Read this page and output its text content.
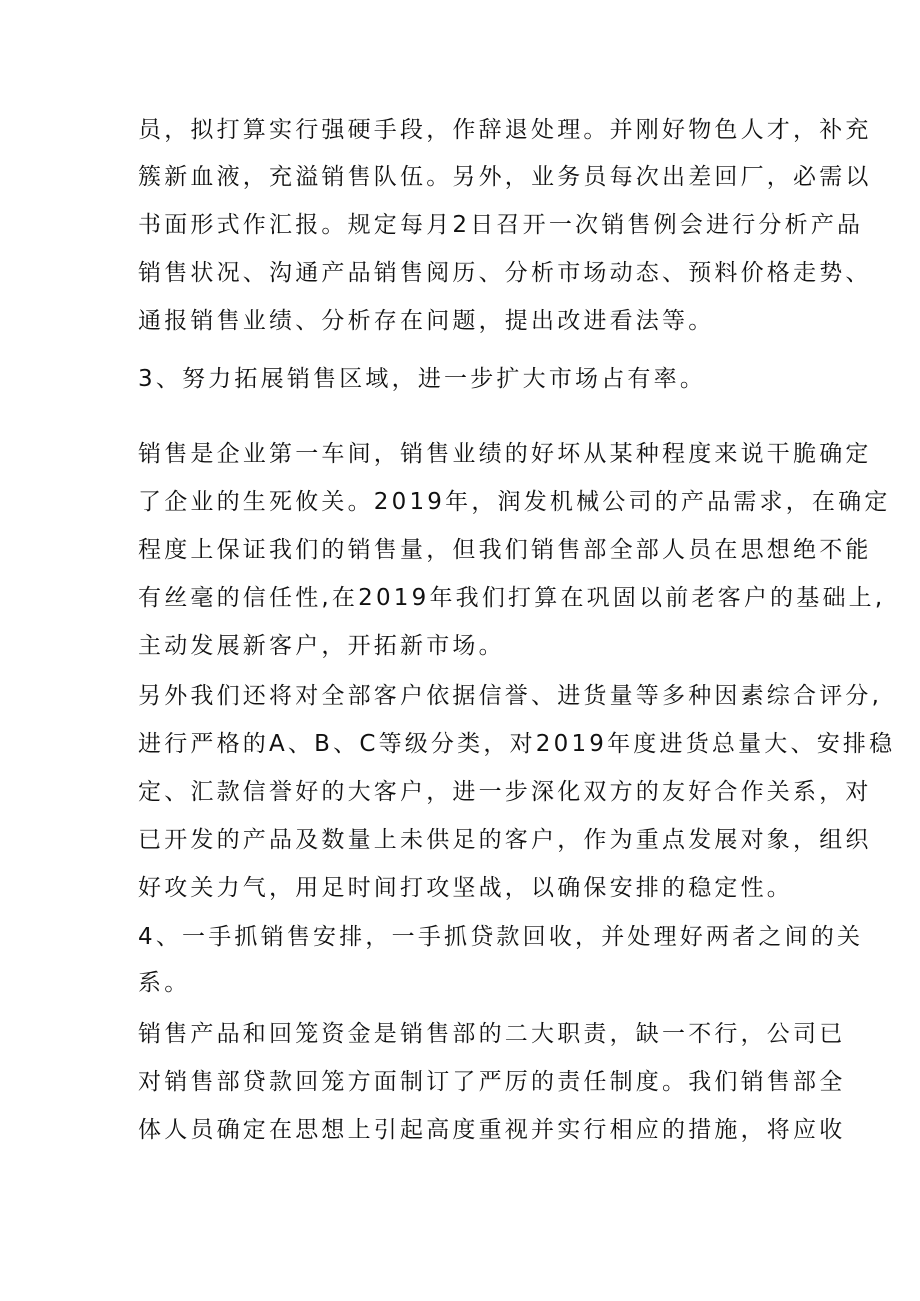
员，拟打算实行强硬手段，作辞退处理。并刚好物色人才，补充
簇新血液，充溢销售队伍。另外，业务员每次出差回厂，必需以
书面形式作汇报。规定每月2日召开一次销售例会进行分析产品
销售状况、沟通产品销售阅历、分析市场动态、预料价格走势、
通报销售业绩、分析存在问题，提出改进看法等。
3、努力拓展销售区域，进一步扩大市场占有率。
销售是企业第一车间，销售业绩的好坏从某种程度来说干脆确定
了企业的生死攸关。2019年，润发机械公司的产品需求，在确定
程度上保证我们的销售量，但我们销售部全部人员在思想绝不能
有丝毫的信任性,在2019年我们打算在巩固以前老客户的基础上,
主动发展新客户，开拓新市场。
另外我们还将对全部客户依据信誉、进货量等多种因素综合评分,
进行严格的A、B、C等级分类，对2019年度进货总量大、安排稳
定、汇款信誉好的大客户，进一步深化双方的友好合作关系，对
已开发的产品及数量上未供足的客户，作为重点发展对象，组织
好攻关力气，用足时间打攻坚战，以确保安排的稳定性。
4、一手抓销售安排，一手抓贷款回收，并处理好两者之间的关
系。
销售产品和回笼资金是销售部的二大职责，缺一不行，公司已
对销售部贷款回笼方面制订了严厉的责任制度。我们销售部全
体人员确定在思想上引起高度重视并实行相应的措施，将应收
